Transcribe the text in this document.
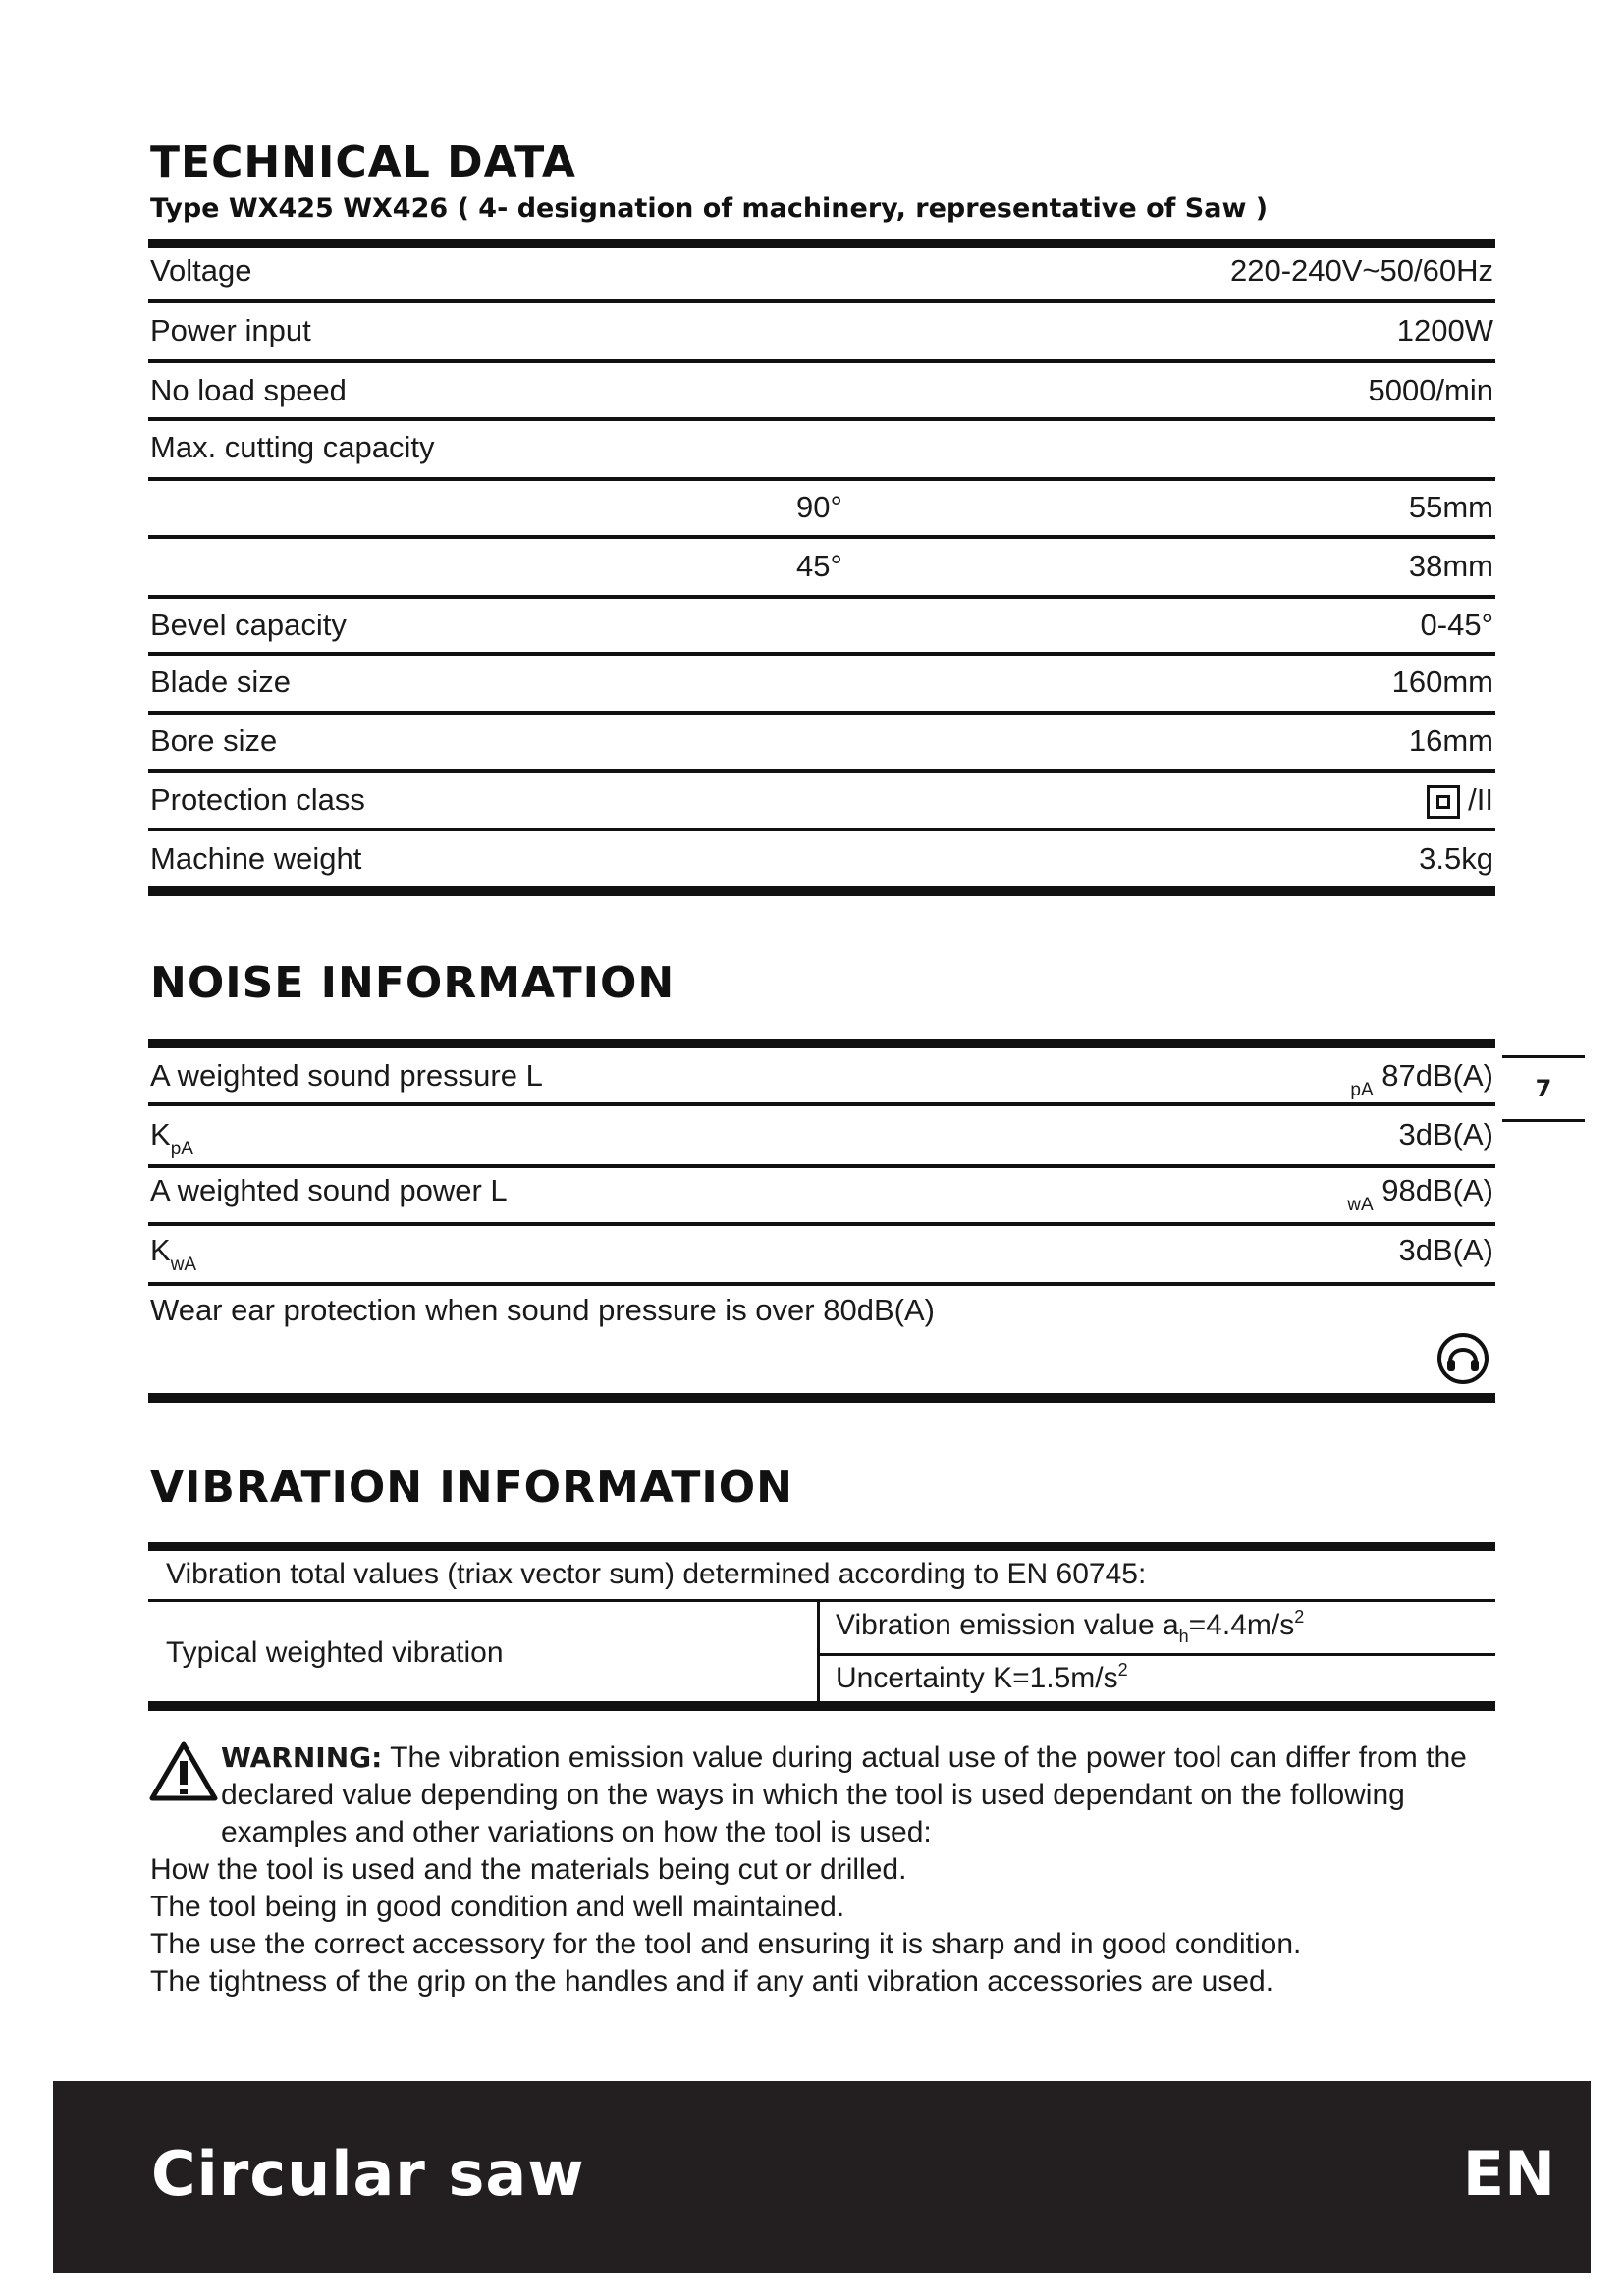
TECHNICAL DATA
Type WX425 WX426 ( 4- designation of machinery, representative of Saw )
Voltage	220-240V~50/60Hz
Power input	1200W
No load speed	5000/min
Max. cutting capacity
90°	55mm
45°	38mm
Bevel capacity	0-45°
Blade size	160mm
Bore size	16mm
Protection class	/II
Machine weight	3.5kg
NOISE INFORMATION
A weighted sound pressure L	$_{pA}$ 87dB(A)
$K_{pA}$	3dB(A)
A weighted sound power L	$_{wA}$ 98dB(A)
$K_{wA}$	3dB(A)
Wear ear protection when sound pressure is over 80dB(A)
7
VIBRATION INFORMATION
Vibration total values (triax vector sum) determined according to EN 60745:
Typical weighted vibration
Vibration emission value $a_h=4.4m/s^2$
Uncertainty $K=1.5m/s^2$
WARNING: The vibration emission value during actual use of the power tool can differ from the declared value depending on the ways in which the tool is used dependant on the following examples and other variations on how the tool is used:
How the tool is used and the materials being cut or drilled.
The tool being in good condition and well maintained.
The use the correct accessory for the tool and ensuring it is sharp and in good condition.
The tightness of the grip on the handles and if any anti vibration accessories are used.
Circular saw	EN
